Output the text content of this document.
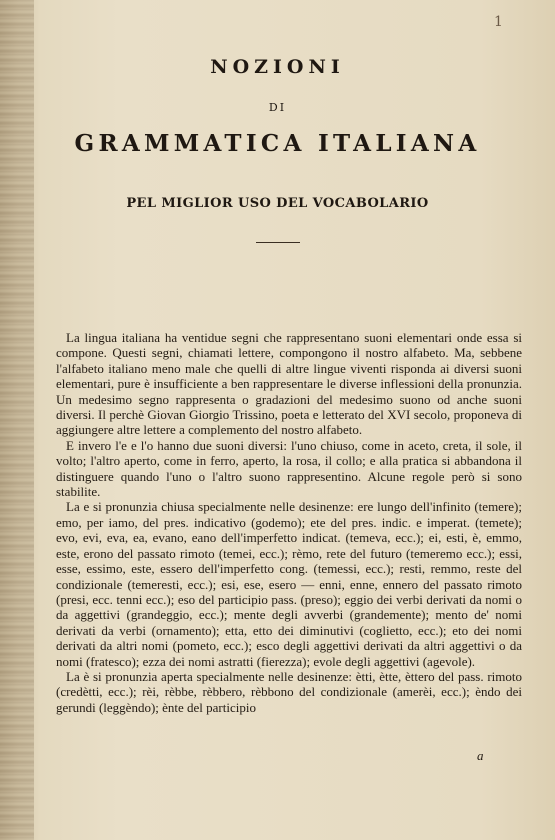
1
NOZIONI
DI
GRAMMATICA ITALIANA
PEL MIGLIOR USO DEL VOCABOLARIO

La lingua italiana ha ventidue segni che rappresentano suoni elementari onde essa si compone. Questi segni, chiamati lettere, compongono il nostro alfabeto. Ma, sebbene l'alfabeto italiano meno male che quelli di altre lingue viventi risponda ai diversi suoni elementari, pure è insufficiente a ben rappresentare le diverse inflessioni della pronunzia. Un medesimo segno rappresenta o gradazioni del medesimo suono od anche suoni diversi. Il perchè Giovan Giorgio Trissino, poeta e letterato del XVI secolo, proponeva di aggiungere altre lettere a complemento del nostro alfabeto.

E invero l'e e l'o hanno due suoni diversi: l'uno chiuso, come in aceto, creta, il sole, il volto; l'altro aperto, come in ferro, aperto, la rosa, il collo; e alla pratica si abbandona il distinguere quando l'uno o l'altro suono rappresentino. Alcune regole però si sono stabilite.

La e si pronunzia chiusa specialmente nelle desinenze: ere lungo dell'infinito (temere); emo, per iamo, del pres. indicativo (godemo); ete del pres. indic. e imperat. (temete); evo, evi, eva, ea, evano, eano dell'imperfetto indicat. (temeva, ecc.); ei, esti, è, emmo, este, erono del passato rimoto (temei, ecc.); rèmo, rete del futuro (temeremo ecc.); essi, esse, essimo, este, essero dell'imperfetto cong. (temessi, ecc.); resti, remmo, reste del condizionale (temeresti, ecc.); esi, ese, esero — enni, enne, ennero del passato rimoto (presi, ecc. tenni ecc.); eso del participio pass. (preso); eggio dei verbi derivati da nomi o da aggettivi (grandeggio, ecc.); mente degli avverbi (grandemente); mento de' nomi derivati da verbi (ornamento); etta, etto dei diminutivi (coglietto, ecc.); eto dei nomi derivati da altri nomi (pometo, ecc.); esco degli aggettivi derivati da altri aggettivi o da nomi (fratesco); ezza dei nomi astratti (fierezza); evole degli aggettivi (agevole).

La è si pronunzia aperta specialmente nelle desinenze: ètti, ètte, èttero del pass. rimoto (credètti, ecc.); rèi, rèbbe, rèbbero, rèbbono del condizionale (amerèi, ecc.); èndo dei gerundi (leggèndo); ènte del participio

a
